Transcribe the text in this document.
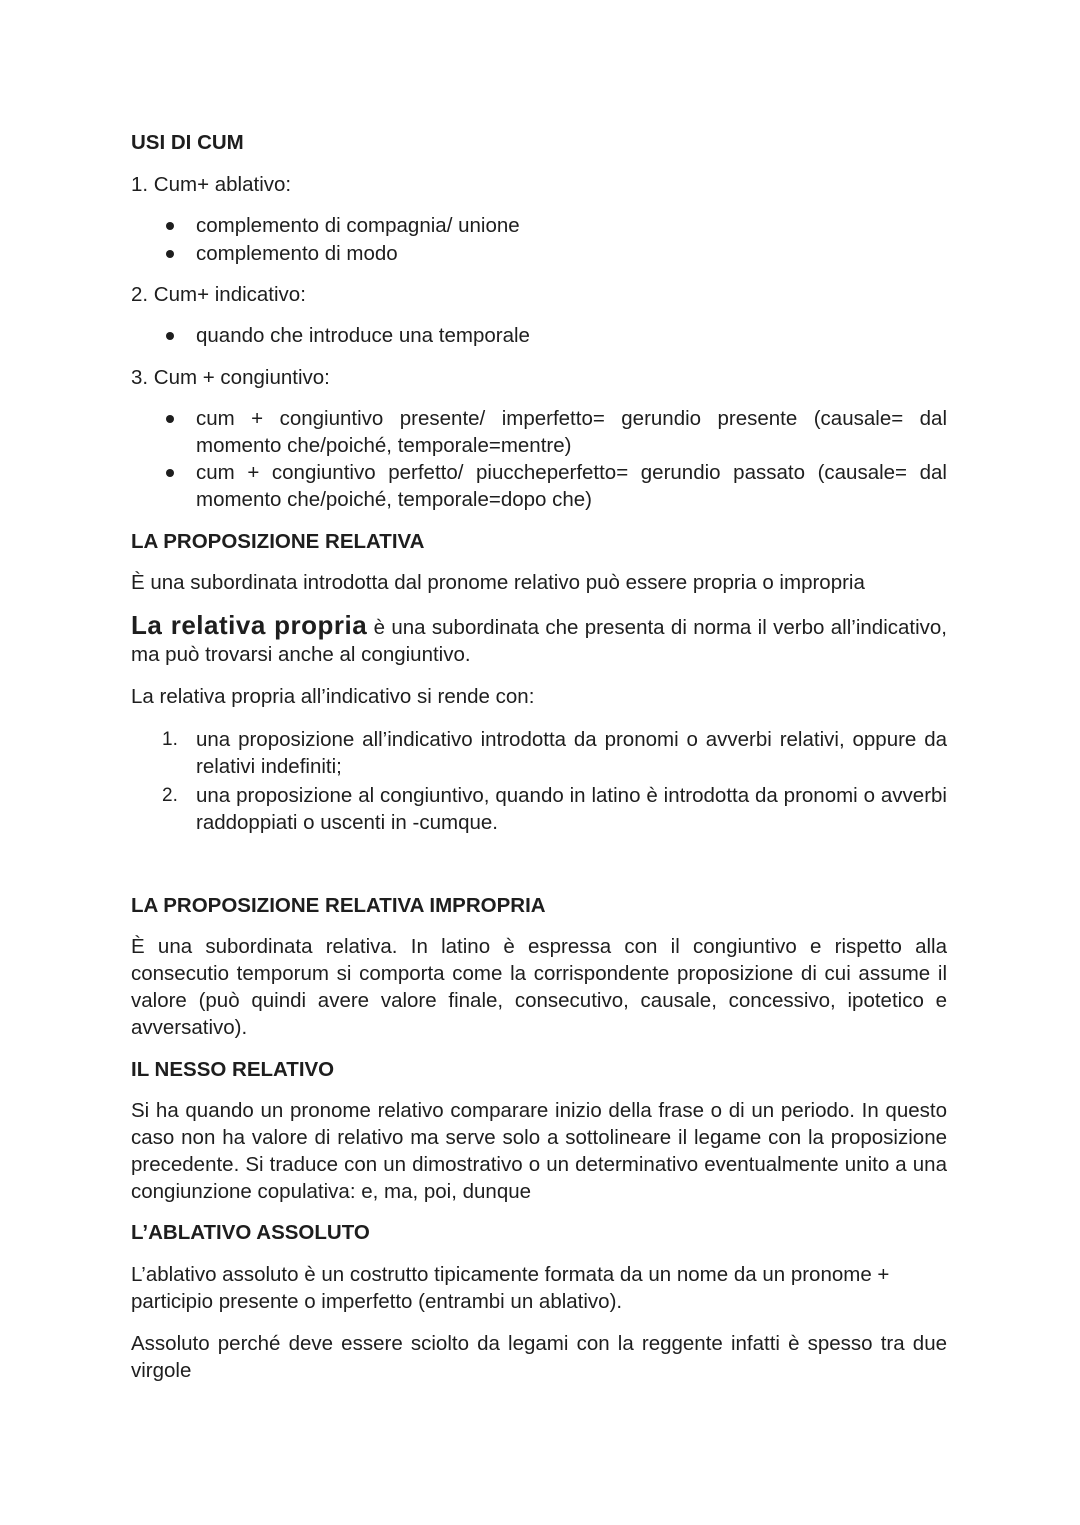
USI DI CUM

1. Cum+ ablativo:

complemento di compagnia/ unione

complemento di modo

2. Cum+ indicativo:

quando che introduce una temporale

3. Cum + congiuntivo:

cum + congiuntivo presente/ imperfetto= gerundio presente (causale= dal momento che/poiché, temporale=mentre)

cum + congiuntivo perfetto/ piuccheperfetto= gerundio passato (causale= dal momento che/poiché, temporale=dopo che)

LA PROPOSIZIONE RELATIVA

È una subordinata introdotta dal pronome relativo può essere propria o impropria

La relativa propria è una subordinata che presenta di norma il verbo all’indicativo, ma può trovarsi anche al congiuntivo.

La relativa propria all’indicativo si rende con:

1. una proposizione all’indicativo introdotta da pronomi o avverbi relativi, oppure da relativi indefiniti;

2. una proposizione al congiuntivo, quando in latino è introdotta da pronomi o avverbi raddoppiati o uscenti in -cumque.

LA PROPOSIZIONE RELATIVA IMPROPRIA

È una subordinata relativa. In latino è espressa con il congiuntivo e rispetto alla consecutio temporum si comporta come la corrispondente proposizione di cui assume il valore (può quindi avere valore finale, consecutivo, causale, concessivo, ipotetico e avversativo).

IL NESSO RELATIVO

Si ha quando un pronome relativo comparare inizio della frase o di un periodo. In questo caso non ha valore di relativo ma serve solo a sottolineare il legame con la proposizione precedente. Si traduce con un dimostrativo o un determinativo eventualmente unito a una congiunzione copulativa: e, ma, poi, dunque

L’ABLATIVO ASSOLUTO

L’ablativo assoluto è un costrutto tipicamente formata da un nome da un pronome + participio presente o imperfetto (entrambi un ablativo).

Assoluto perché deve essere sciolto da legami con la reggente infatti è spesso tra due virgole
